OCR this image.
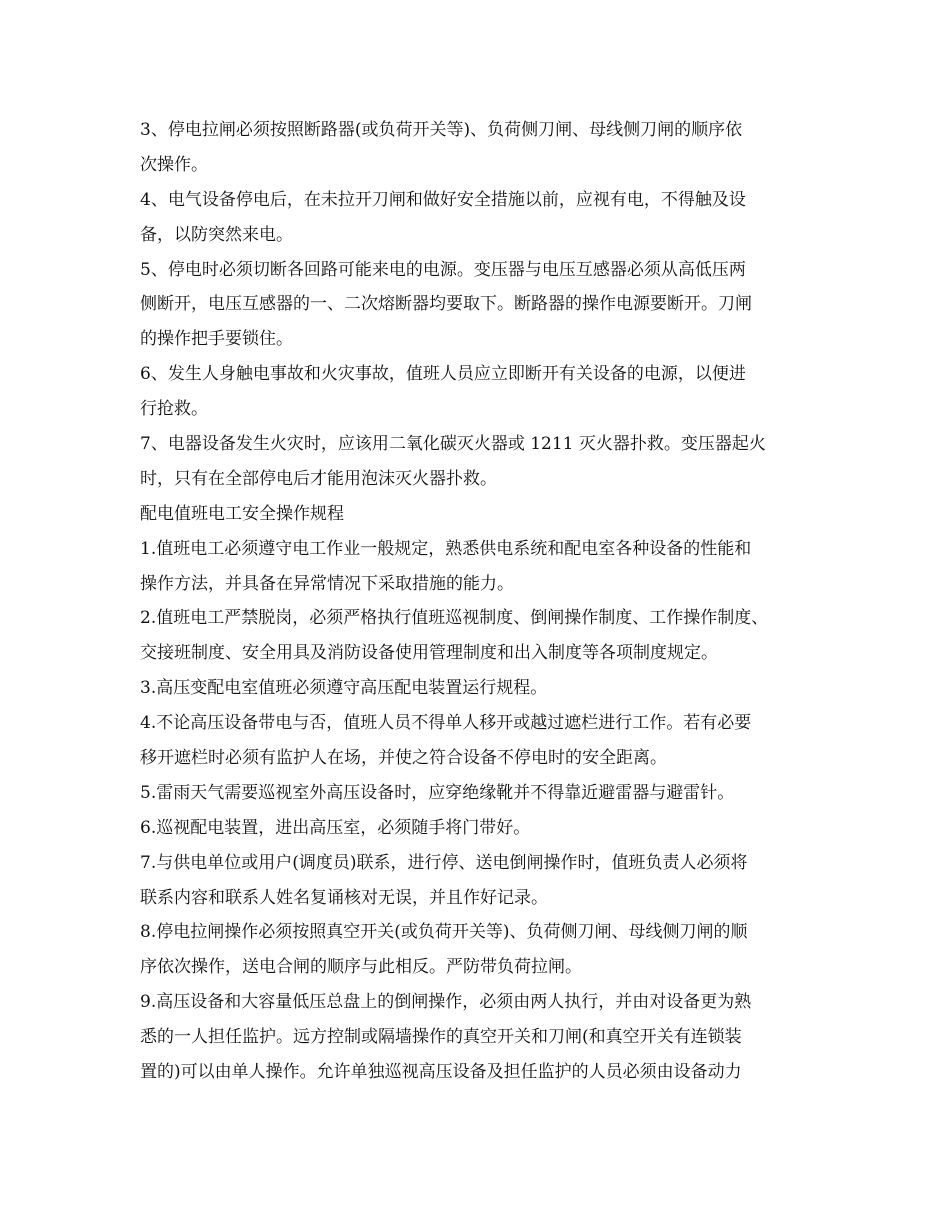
3、停电拉闸必须按照断路器(或负荷开关等)、负荷侧刀闸、母线侧刀闸的顺序依
次操作。
4、电气设备停电后，在未拉开刀闸和做好安全措施以前，应视有电，不得触及设
备，以防突然来电。
5、停电时必须切断各回路可能来电的电源。变压器与电压互感器必须从高低压两
侧断开，电压互感器的一、二次熔断器均要取下。断路器的操作电源要断开。刀闸
的操作把手要锁住。
6、发生人身触电事故和火灾事故，值班人员应立即断开有关设备的电源，以便进
行抢救。
7、电器设备发生火灾时，应该用二氧化碳灭火器或 1211 灭火器扑救。变压器起火
时，只有在全部停电后才能用泡沫灭火器扑救。
配电值班电工安全操作规程
1.值班电工必须遵守电工作业一般规定，熟悉供电系统和配电室各种设备的性能和
操作方法，并具备在异常情况下采取措施的能力。
2.值班电工严禁脱岗，必须严格执行值班巡视制度、倒闸操作制度、工作操作制度、
交接班制度、安全用具及消防设备使用管理制度和出入制度等各项制度规定。
3.高压变配电室值班必须遵守高压配电装置运行规程。
4.不论高压设备带电与否，值班人员不得单人移开或越过遮栏进行工作。若有必要
移开遮栏时必须有监护人在场，并使之符合设备不停电时的安全距离。
5.雷雨天气需要巡视室外高压设备时，应穿绝缘靴并不得靠近避雷器与避雷针。
6.巡视配电装置，进出高压室，必须随手将门带好。
7.与供电单位或用户(调度员)联系，进行停、送电倒闸操作时，值班负责人必须将
联系内容和联系人姓名复诵核对无误，并且作好记录。
8.停电拉闸操作必须按照真空开关(或负荷开关等)、负荷侧刀闸、母线侧刀闸的顺
序依次操作，送电合闸的顺序与此相反。严防带负荷拉闸。
9.高压设备和大容量低压总盘上的倒闸操作，必须由两人执行，并由对设备更为熟
悉的一人担任监护。远方控制或隔墙操作的真空开关和刀闸(和真空开关有连锁装
置的)可以由单人操作。允许单独巡视高压设备及担任监护的人员必须由设备动力
